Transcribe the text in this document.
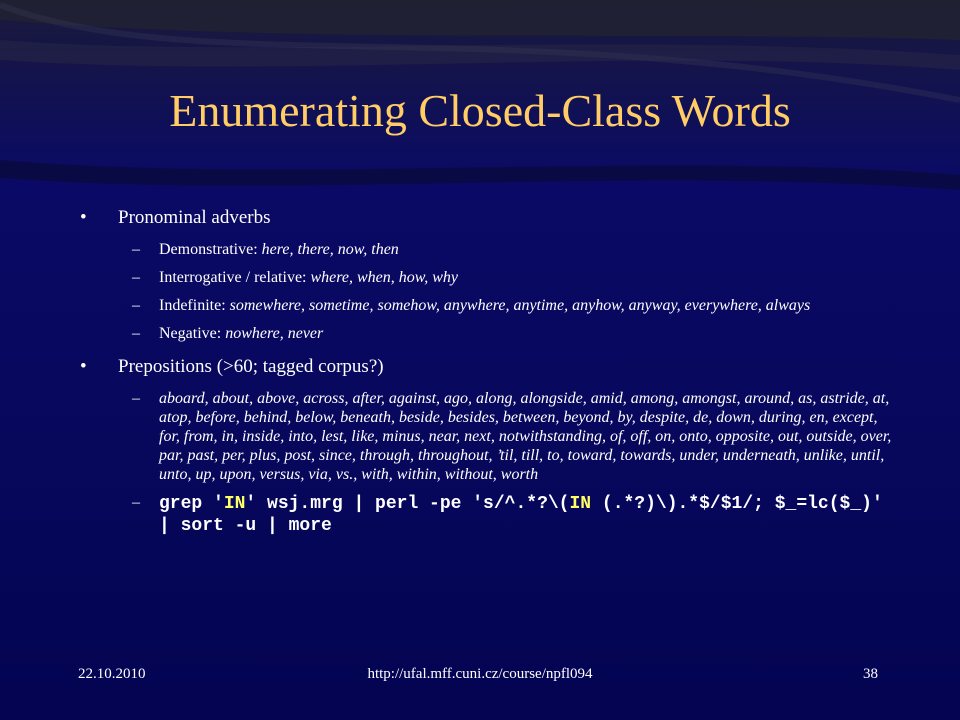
Enumerating Closed-Class Words
• Pronominal adverbs
– Demonstrative: here, there, now, then
– Interrogative / relative: where, when, how, why
– Indefinite: somewhere, sometime, somehow, anywhere, anytime, anyhow, anyway, everywhere, always
– Negative: nowhere, never
• Prepositions (>60; tagged corpus?)
– aboard, about, above, across, after, against, ago, along, alongside, amid, among, amongst, around, as, astride, at, atop, before, behind, below, beneath, beside, besides, between, beyond, by, despite, de, down, during, en, except, for, from, in, inside, into, lest, like, minus, near, next, notwithstanding, of, off, on, onto, opposite, out, outside, over, par, past, per, plus, post, since, through, throughout, ’til, till, to, toward, towards, under, underneath, unlike, until, unto, up, upon, versus, via, vs., with, within, without, worth
– grep 'IN' wsj.mrg | perl -pe 's/^.*?\(IN (.*?)\).*$/$1/; $_=lc($_)' | sort -u | more
22.10.2010	http://ufal.mff.cuni.cz/course/npfl094	38
